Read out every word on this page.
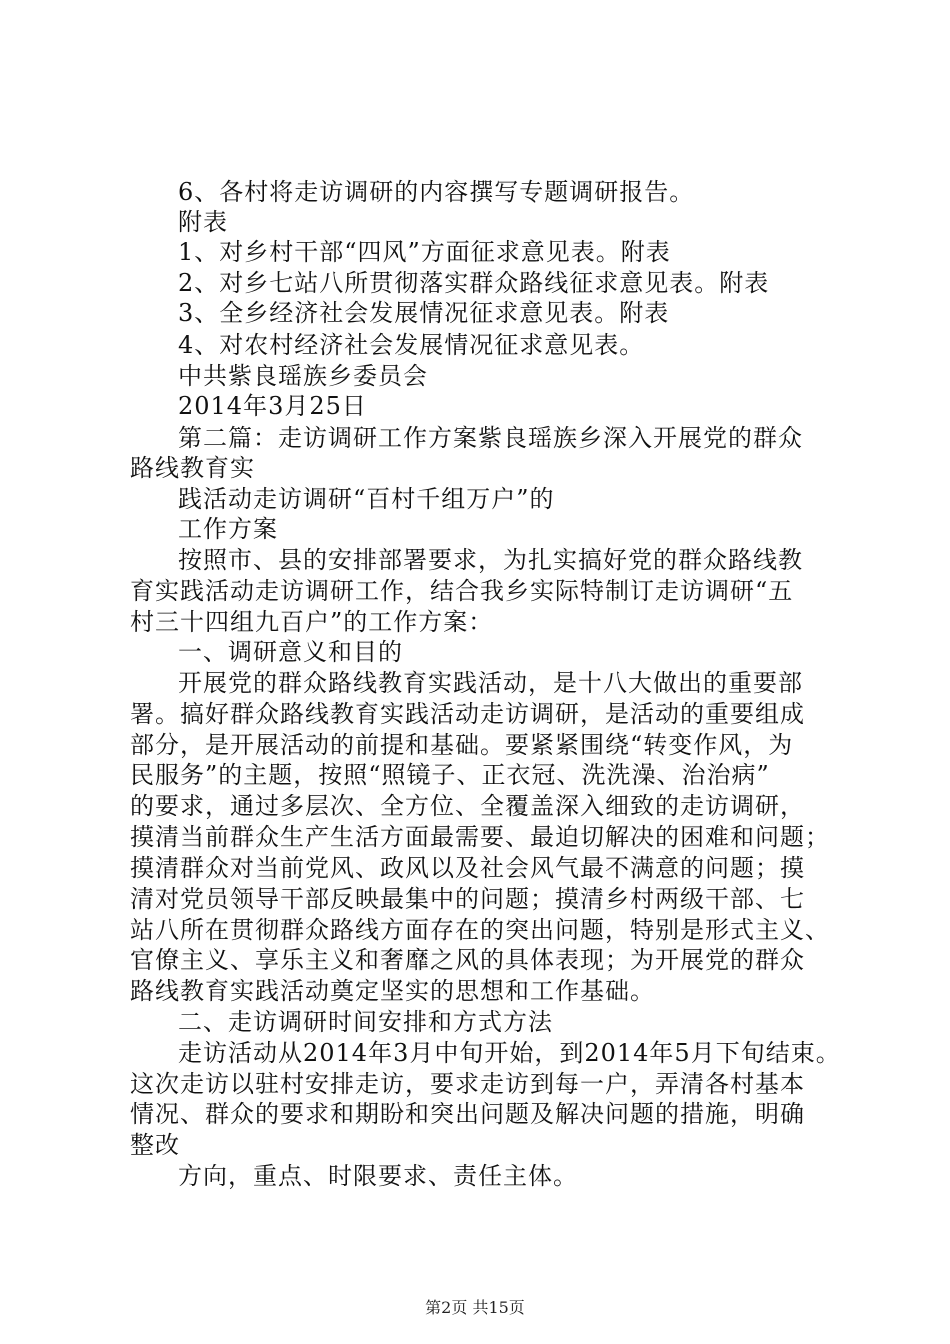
6、各村将走访调研的内容撰写专题调研报告。
附表
1、对乡村干部“四风”方面征求意见表。附表
2、对乡七站八所贯彻落实群众路线征求意见表。附表
3、全乡经济社会发展情况征求意见表。附表
4、对农村经济社会发展情况征求意见表。
中共紫良瑶族乡委员会
2014年3月25日
第二篇：走访调研工作方案紫良瑶族乡深入开展党的群众
路线教育实
践活动走访调研“百村千组万户”的
工作方案
按照市、县的安排部署要求，为扎实搞好党的群众路线教
育实践活动走访调研工作，结合我乡实际特制订走访调研“五
村三十四组九百户”的工作方案：
一、调研意义和目的
开展党的群众路线教育实践活动，是十八大做出的重要部
署。搞好群众路线教育实践活动走访调研，是活动的重要组成
部分，是开展活动的前提和基础。要紧紧围绕“转变作风，为
民服务”的主题，按照“照镜子、正衣冠、洗洗澡、治治病”
的要求，通过多层次、全方位、全覆盖深入细致的走访调研，
摸清当前群众生产生活方面最需要、最迫切解决的困难和问题；
摸清群众对当前党风、政风以及社会风气最不满意的问题；摸
清对党员领导干部反映最集中的问题；摸清乡村两级干部、七
站八所在贯彻群众路线方面存在的突出问题，特别是形式主义、
官僚主义、享乐主义和奢靡之风的具体表现；为开展党的群众
路线教育实践活动奠定坚实的思想和工作基础。
二、走访调研时间安排和方式方法
走访活动从2014年3月中旬开始，到2014年5月下旬结束。
这次走访以驻村安排走访，要求走访到每一户，弄清各村基本
情况、群众的要求和期盼和突出问题及解决问题的措施，明确
整改
方向，重点、时限要求、责任主体。
第2页 共15页
